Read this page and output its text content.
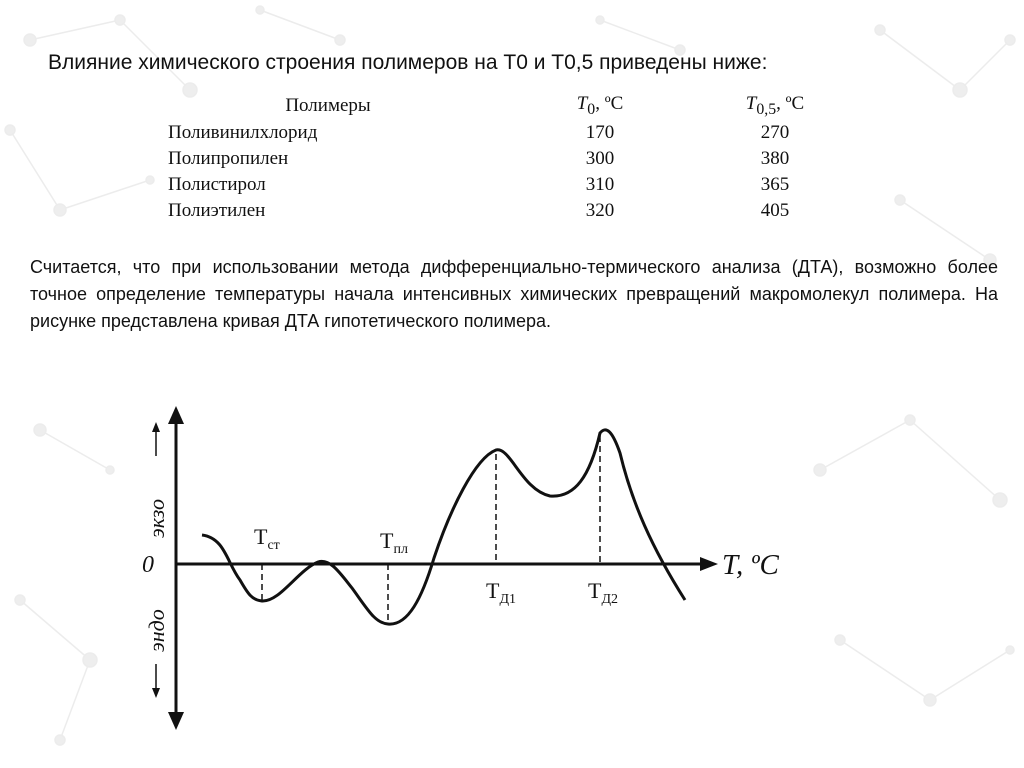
Влияние химического строения полимеров на Т0 и Т0,5 приведены ниже:
Полимеры	$T_0$, ºС	$T_{0,5}$, ºС
Поливинилхлорид	170	270
Полипропилен	300	380
Полистирол	310	365
Полиэтилен	320	405
Считается, что при использовании метода дифференциально-термического анализа (ДТА), возможно более точное определение температуры начала интенсивных химических превращений макромолекул полимера. На рисунке представлена кривая ДТА гипотетического полимера.
T, ºC
экзо
0
эндо
$T_{ст}$	$T_{пл}$
$T_{Д1}$	$T_{Д2}$
